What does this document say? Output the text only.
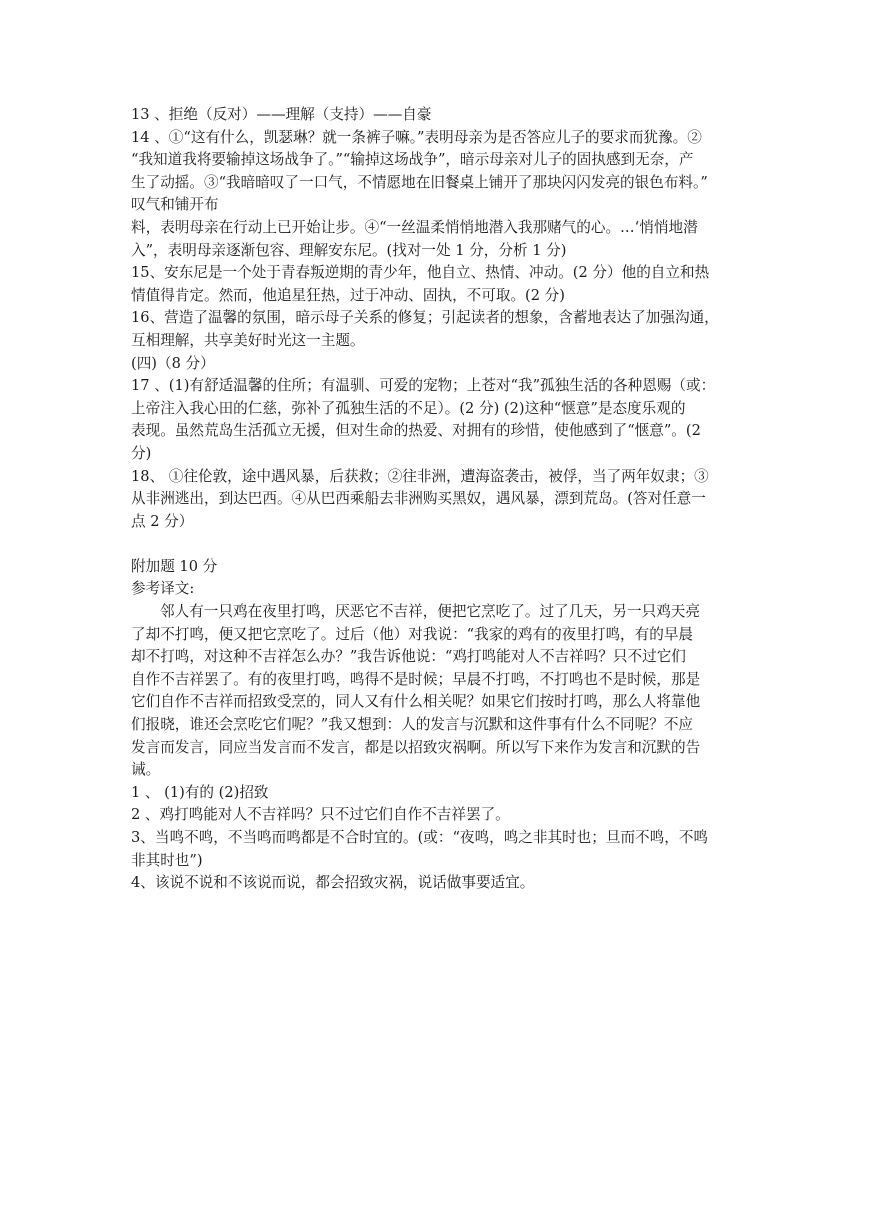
13 、拒绝（反对）——理解（支持）——自豪
14 、①“这有什么，凯瑟琳？就一条裤子嘛。”表明母亲为是否答应儿子的要求而犹豫。②
“我知道我将要输掉这场战争了。”“输掉这场战争”，暗示母亲对儿子的固执感到无奈，产
生了动摇。③“我暗暗叹了一口气，不情愿地在旧餐桌上铺开了那块闪闪发亮的银色布料。”
叹气和铺开布
料，表明母亲在行动上已开始让步。④“一丝温柔悄悄地潜入我那赌气的心。…‘悄悄地潜
入”，表明母亲逐渐包容、理解安东尼。(找对一处 1 分，分析 1 分)
15、安东尼是一个处于青春叛逆期的青少年，他自立、热情、冲动。(2 分）他的自立和热
情值得肯定。然而，他追星狂热，过于冲动、固执，不可取。(2 分)
16、营造了温馨的氛围，暗示母子关系的修复；引起读者的想象，含蓄地表达了加强沟通，
互相理解，共享美好时光这一主题。
(四)（8 分）
17 、(1)有舒适温馨的住所；有温驯、可爱的宠物；上苍对“我”孤独生活的各种恩赐（或：
上帝注入我心田的仁慈，弥补了孤独生活的不足）。(2 分) (2)这种“惬意”是态度乐观的
表现。虽然荒岛生活孤立无援，但对生命的热爱、对拥有的珍惜，使他感到了“惬意”。(2
分)
18、 ①往伦敦，途中遇风暴，后获救；②往非洲，遭海盗袭击，被俘，当了两年奴隶；③
从非洲逃出，到达巴西。④从巴西乘船去非洲购买黑奴，遇风暴，漂到荒岛。(答对任意一
点 2 分）
附加题 10 分
参考译文:
邻人有一只鸡在夜里打鸣，厌恶它不吉祥，便把它烹吃了。过了几天，另一只鸡天亮
了却不打鸣，便又把它烹吃了。过后（他）对我说：“我家的鸡有的夜里打鸣，有的早晨
却不打鸣，对这种不吉祥怎么办？”我告诉他说：“鸡打鸣能对人不吉祥吗？只不过它们
自作不吉祥罢了。有的夜里打鸣，鸣得不是时候；早晨不打鸣，不打鸣也不是时候，那是
它们自作不吉祥而招致受烹的，同人又有什么相关呢？如果它们按时打鸣，那么人将靠他
们报晓，谁还会烹吃它们呢？”我又想到：人的发言与沉默和这件事有什么不同呢？不应
发言而发言，同应当发言而不发言，都是以招致灾祸啊。所以写下来作为发言和沉默的告
诫。
1 、 (1)有的 (2)招致
2 、鸡打鸣能对人不吉祥吗？只不过它们自作不吉祥罢了。
3、当鸣不鸣，不当鸣而鸣都是不合时宜的。(或：“夜鸣，鸣之非其时也；旦而不鸣，不鸣
非其时也”)
4、该说不说和不该说而说，都会招致灾祸，说话做事要适宜。
